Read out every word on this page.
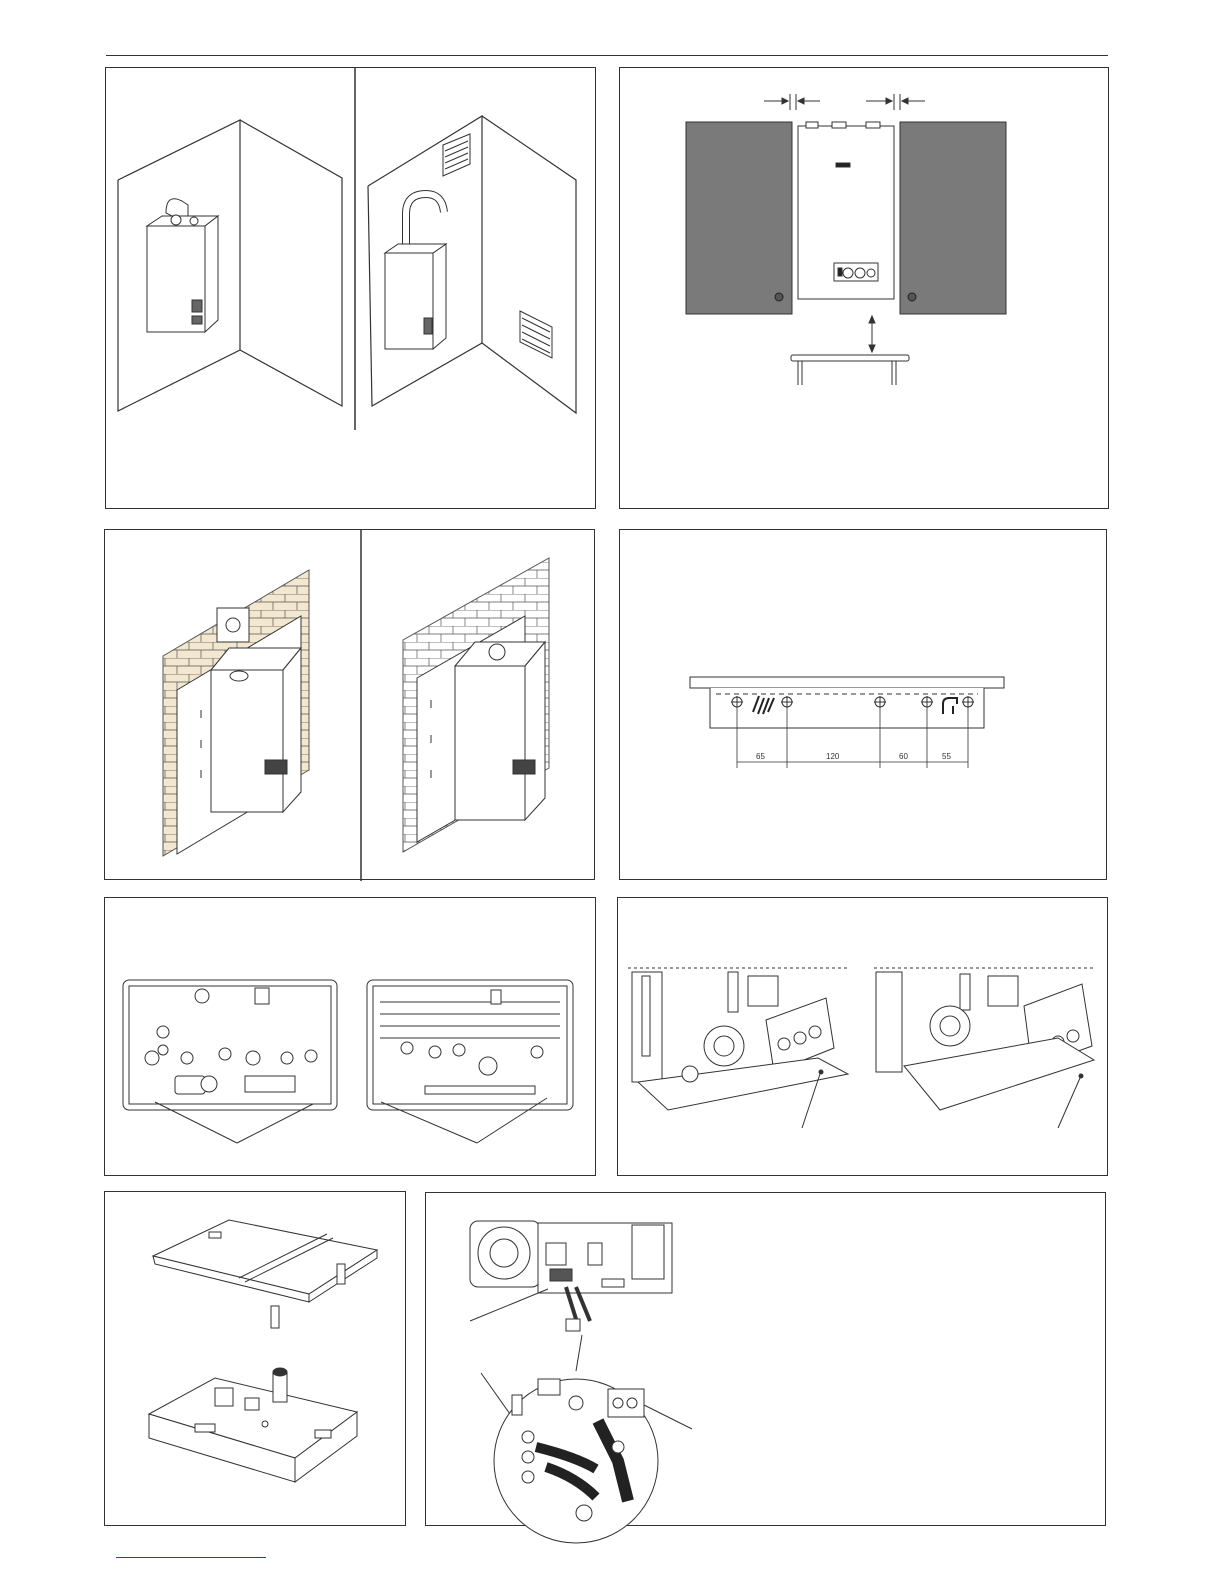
65	120	60	55
